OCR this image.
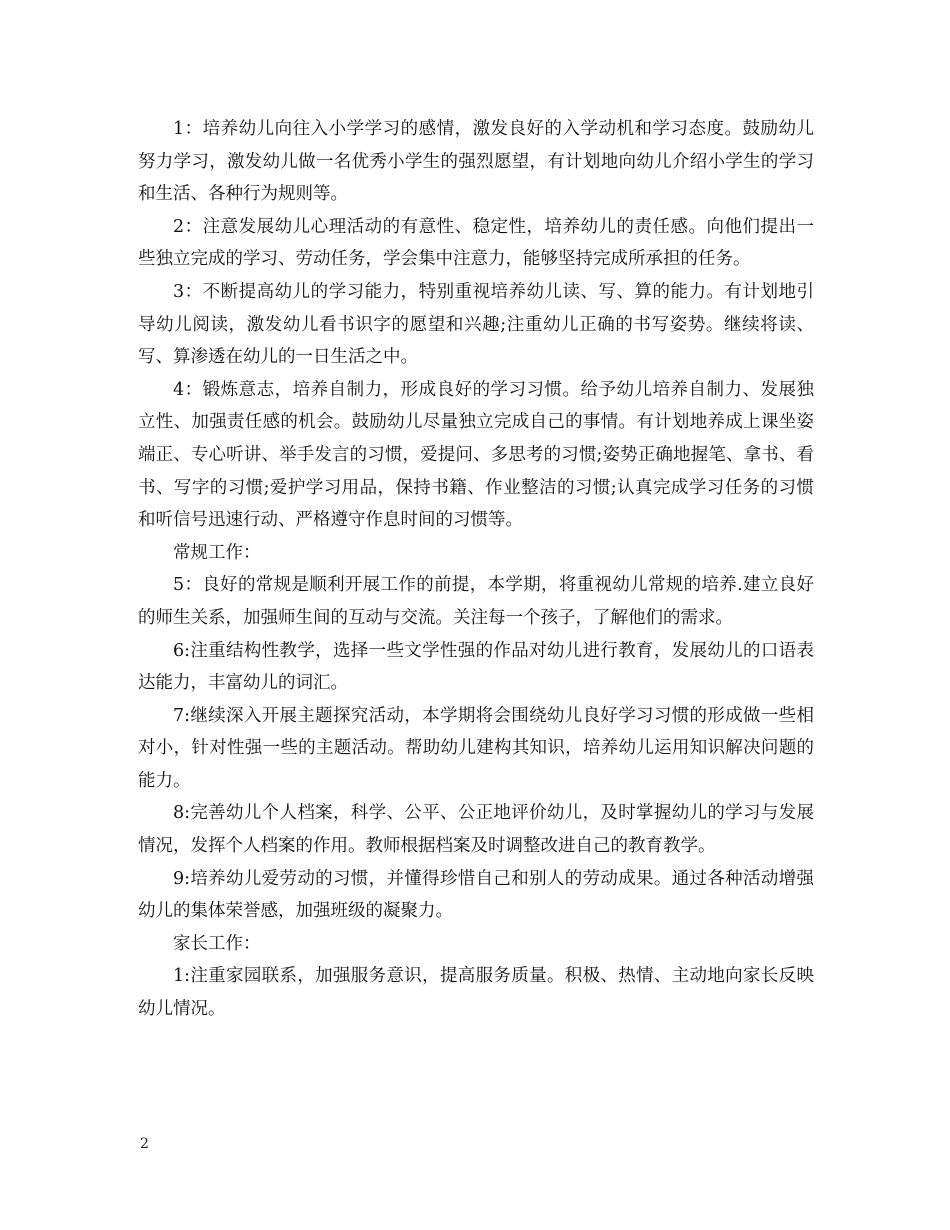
1：培养幼儿向往入小学学习的感情，激发良好的入学动机和学习态度。鼓励幼儿努力学习，激发幼儿做一名优秀小学生的强烈愿望，有计划地向幼儿介绍小学生的学习和生活、各种行为规则等。

2：注意发展幼儿心理活动的有意性、稳定性，培养幼儿的责任感。向他们提出一些独立完成的学习、劳动任务，学会集中注意力，能够坚持完成所承担的任务。

3：不断提高幼儿的学习能力，特别重视培养幼儿读、写、算的能力。有计划地引导幼儿阅读，激发幼儿看书识字的愿望和兴趣;注重幼儿正确的书写姿势。继续将读、写、算渗透在幼儿的一日生活之中。

4：锻炼意志，培养自制力，形成良好的学习习惯。给予幼儿培养自制力、发展独立性、加强责任感的机会。鼓励幼儿尽量独立完成自己的事情。有计划地养成上课坐姿端正、专心听讲、举手发言的习惯，爱提问、多思考的习惯;姿势正确地握笔、拿书、看书、写字的习惯;爱护学习用品，保持书籍、作业整洁的习惯;认真完成学习任务的习惯和听信号迅速行动、严格遵守作息时间的习惯等。

常规工作：

5：良好的常规是顺利开展工作的前提，本学期，将重视幼儿常规的培养.建立良好的师生关系，加强师生间的互动与交流。关注每一个孩子，了解他们的需求。

6:注重结构性教学，选择一些文学性强的作品对幼儿进行教育，发展幼儿的口语表达能力，丰富幼儿的词汇。

7:继续深入开展主题探究活动，本学期将会围绕幼儿良好学习习惯的形成做一些相对小，针对性强一些的主题活动。帮助幼儿建构其知识，培养幼儿运用知识解决问题的能力。

8:完善幼儿个人档案，科学、公平、公正地评价幼儿，及时掌握幼儿的学习与发展情况，发挥个人档案的作用。教师根据档案及时调整改进自己的教育教学。

9:培养幼儿爱劳动的习惯，并懂得珍惜自己和别人的劳动成果。通过各种活动增强幼儿的集体荣誉感，加强班级的凝聚力。

家长工作：

1:注重家园联系，加强服务意识，提高服务质量。积极、热情、主动地向家长反映幼儿情况。

2
